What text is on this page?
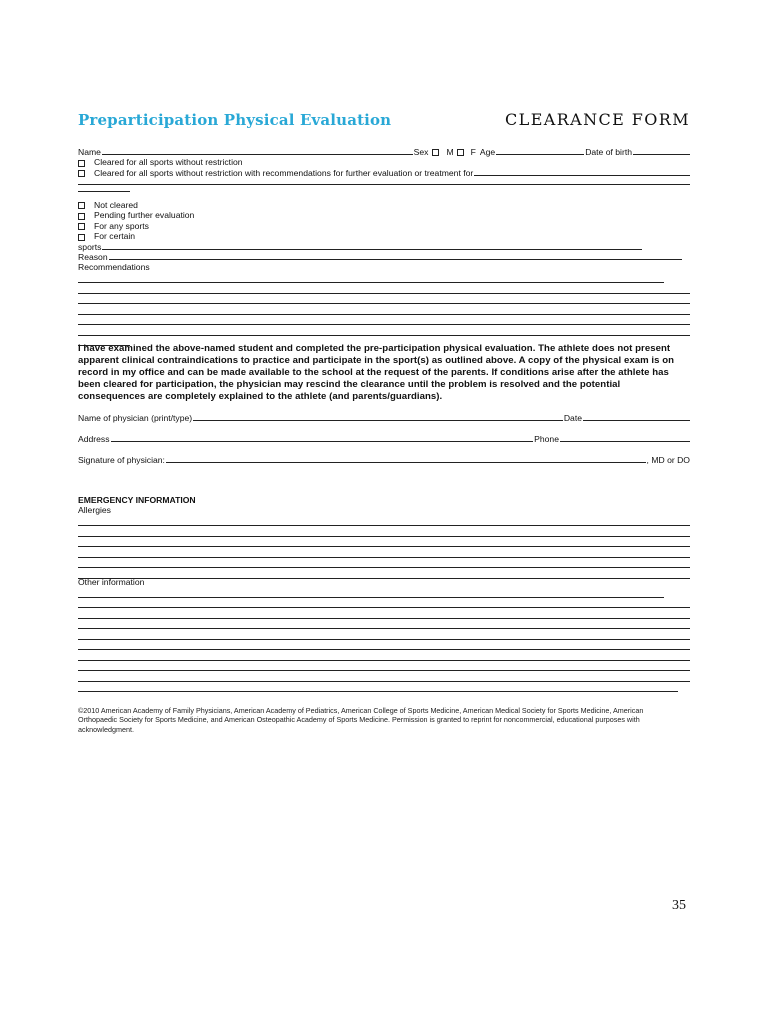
Preparticipation Physical Evaluation	CLEARANCE FORM
Name	Sex M F Age	Date of birth
Cleared for all sports without restriction
Cleared for all sports without restriction with recommendations for further evaluation or treatment for
Not cleared
Pending further evaluation
For any sports
For certain
sports
Reason
Recommendations
I have examined the above-named student and completed the pre-participation physical evaluation. The athlete does not present apparent clinical contraindications to practice and participate in the sport(s) as outlined above. A copy of the physical exam is on record in my office and can be made available to the school at the request of the parents. If conditions arise after the athlete has been cleared for participation, the physician may rescind the clearance until the problem is resolved and the potential consequences are completely explained to the athlete (and parents/guardians).
Name of physician (print/type)	Date
Address	Phone
Signature of physician:	, MD or DO
EMERGENCY INFORMATION
Allergies
Other information
©2010 American Academy of Family Physicians, American Academy of Pediatrics, American College of Sports Medicine, American Medical Society for Sports Medicine, American Orthopaedic Society for Sports Medicine, and American Osteopathic Academy of Sports Medicine. Permission is granted to reprint for noncommercial, educational purposes with acknowledgment.
35
